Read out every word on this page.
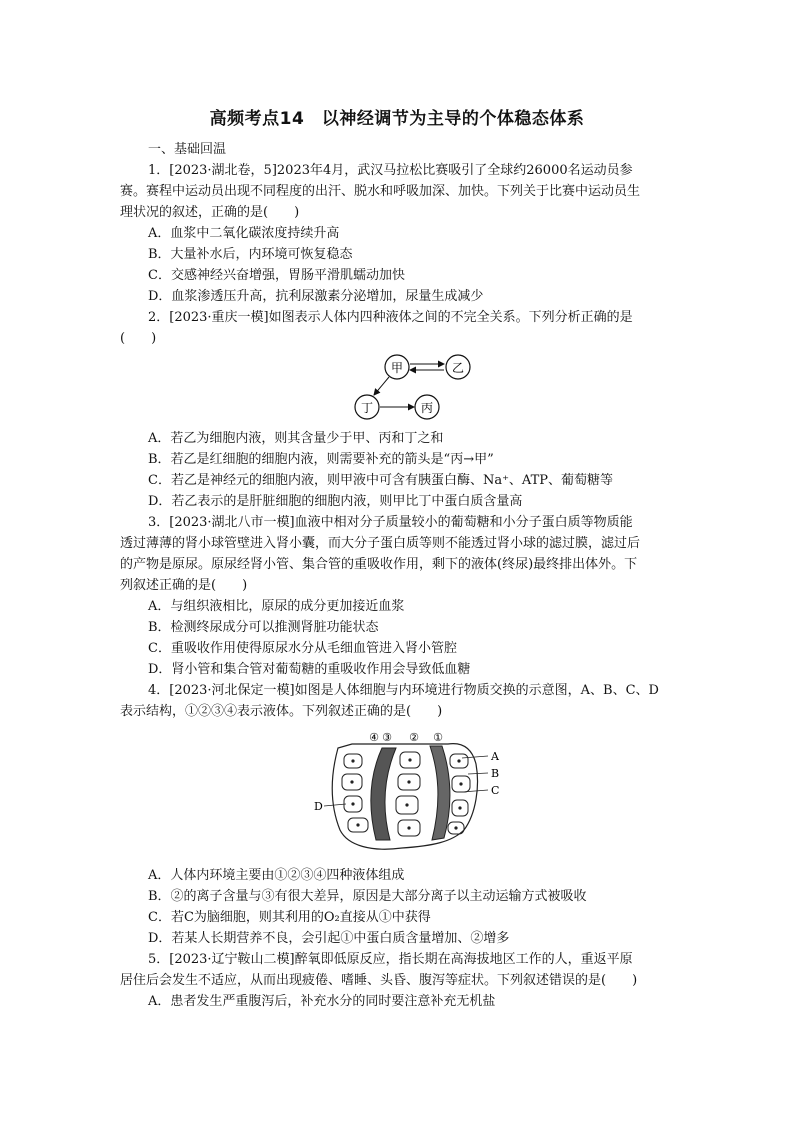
高频考点14　以神经调节为主导的个体稳态体系
一、基础回温
1．[2023·湖北卷，5]2023年4月，武汉马拉松比赛吸引了全球约26000名运动员参
赛。赛程中运动员出现不同程度的出汗、脱水和呼吸加深、加快。下列关于比赛中运动员生
理状况的叙述，正确的是(　　)
A．血浆中二氧化碳浓度持续升高
B．大量补水后，内环境可恢复稳态
C．交感神经兴奋增强，胃肠平滑肌蠕动加快
D．血浆渗透压升高，抗利尿激素分泌增加，尿量生成减少
2．[2023·重庆一模]如图表示人体内四种液体之间的不完全关系。下列分析正确的是
(　　)
甲	乙
丁	丙
A．若乙为细胞内液，则其含量少于甲、丙和丁之和
B．若乙是红细胞的细胞内液，则需要补充的箭头是“丙→甲”
C．若乙是神经元的细胞内液，则甲液中可含有胰蛋白酶、Na⁺、ATP、葡萄糖等
D．若乙表示的是肝脏细胞的细胞内液，则甲比丁中蛋白质含量高
3．[2023·湖北八市一模]血液中相对分子质量较小的葡萄糖和小分子蛋白质等物质能
透过薄薄的肾小球管壁进入肾小囊，而大分子蛋白质等则不能透过肾小球的滤过膜，滤过后
的产物是原尿。原尿经肾小管、集合管的重吸收作用，剩下的液体(终尿)最终排出体外。下
列叙述正确的是(　　)
A．与组织液相比，原尿的成分更加接近血浆
B．检测终尿成分可以推测肾脏功能状态
C．重吸收作用使得原尿水分从毛细血管进入肾小管腔
D．肾小管和集合管对葡萄糖的重吸收作用会导致低血糖
4．[2023·河北保定一模]如图是人体细胞与内环境进行物质交换的示意图，A、B、C、D
表示结构，①②③④表示液体。下列叙述正确的是(　　)
④ ③ ② ①
A
B
C
D
A．人体内环境主要由①②③④四种液体组成
B．②的离子含量与③有很大差异，原因是大部分离子以主动运输方式被吸收
C．若C为脑细胞，则其利用的O₂直接从①中获得
D．若某人长期营养不良，会引起①中蛋白质含量增加、②增多
5．[2023·辽宁鞍山二模]醉氧即低原反应，指长期在高海拔地区工作的人，重返平原
居住后会发生不适应，从而出现疲倦、嗜睡、头昏、腹泻等症状。下列叙述错误的是(　　)
A．患者发生严重腹泻后，补充水分的同时要注意补充无机盐
